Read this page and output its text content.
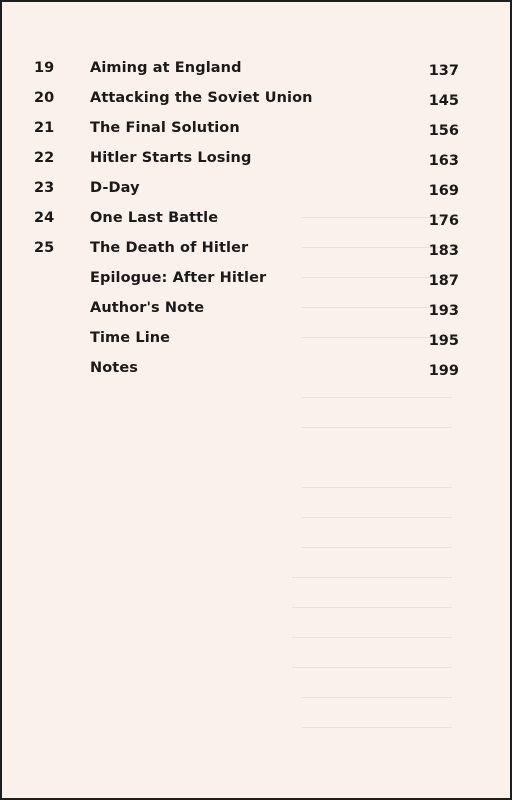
19 Aiming at England	137
20 Attacking the Soviet Union	145
21 The Final Solution	156
22 Hitler Starts Losing	163
23 D-Day	169
24 One Last Battle	176
25 The Death of Hitler	183
Epilogue: After Hitler	187
Author's Note	193
Time Line	195
Notes	199
